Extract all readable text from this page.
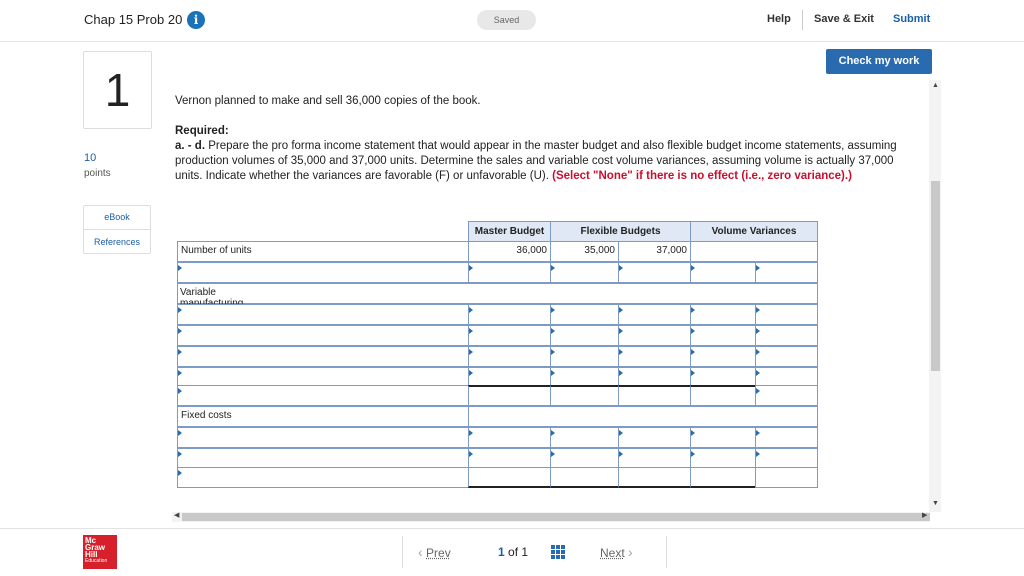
Chap 15 Prob 20 i	Saved	Help Save & Exit Submit
Check my work
1
10
points
eBook
References
Vernon planned to make and sell 36,000 copies of the book.
Required:
a. - d. Prepare the pro forma income statement that would appear in the master budget and also flexible budget income statements, assuming production volumes of 35,000 and 37,000 units. Determine the sales and variable cost volume variances, assuming volume is actually 37,000 units. Indicate whether the variances are favorable (F) or unfavorable (U). (Select "None" if there is no effect (i.e., zero variance).)
Master Budget	Flexible Budgets	Volume Variances
Number of units	36,000	35,000	37,000
Variable
Fixed costs
▲
▼
◀	▶
Mc
Graw
Hill
Education
‹ Prev	1 of 1	Next ›
